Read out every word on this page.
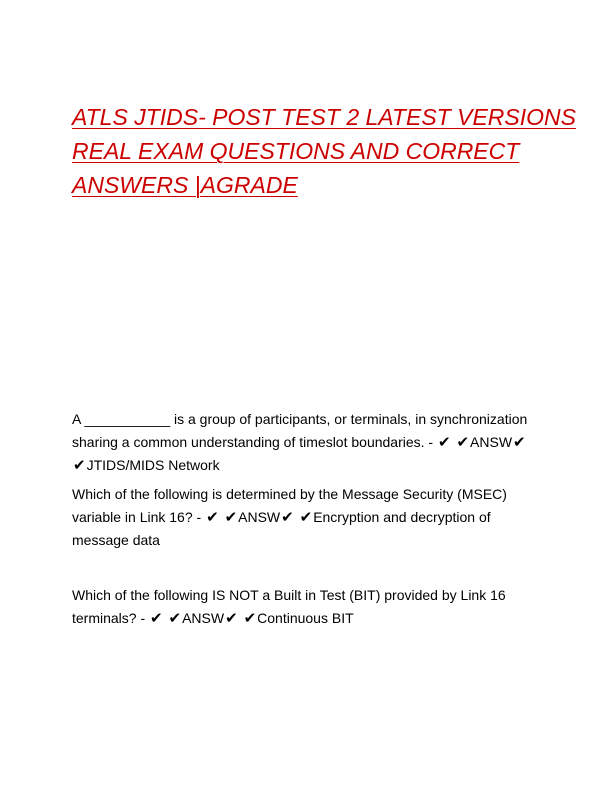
ATLS JTIDS- POST TEST 2 LATEST VERSIONS
REAL EXAM QUESTIONS AND CORRECT
ANSWERS |AGRADE

A ___________ is a group of participants, or terminals, in synchronization sharing a common understanding of timeslot boundaries. - ✔ ✔ANSW✔ ✔JTIDS/MIDS Network

Which of the following is determined by the Message Security (MSEC) variable in Link 16? - ✔ ✔ANSW✔ ✔Encryption and decryption of message data

Which of the following IS NOT a Built in Test (BIT) provided by Link 16 terminals? - ✔ ✔ANSW✔ ✔Continuous BIT
